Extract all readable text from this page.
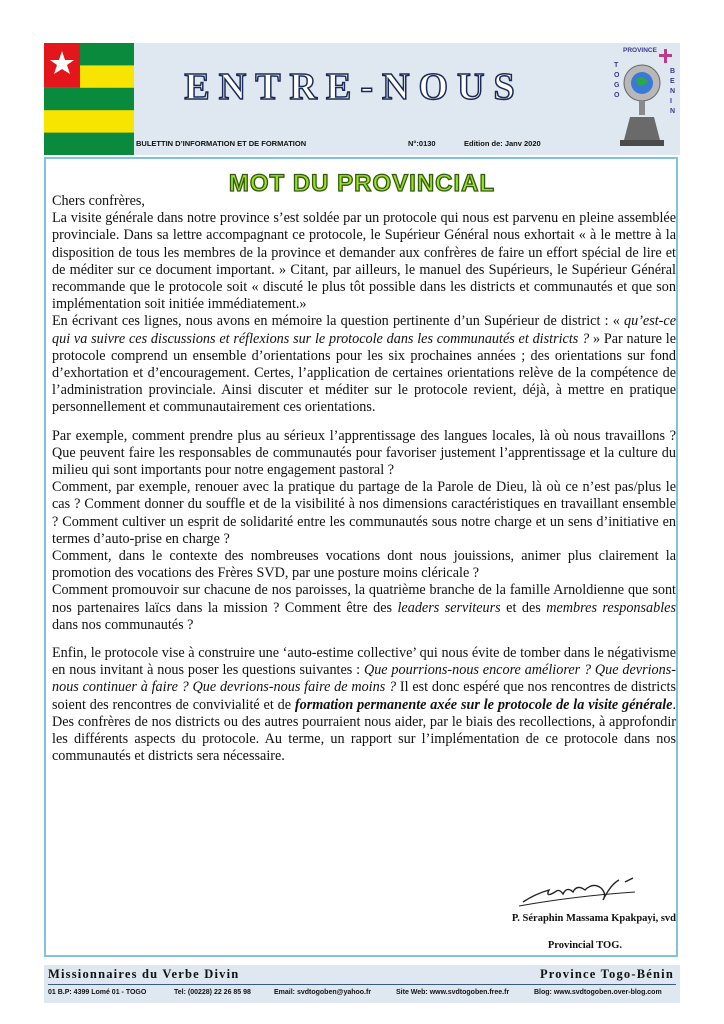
ENTRE-NOUS
BULETTIN D’INFORMATION ET DE FORMATION	N°:0130	Edition de: Janv 2020
PROVINCE
T
O
G
O
B
E
N
I
N
MOT DU PROVINCIAL

Chers confrères,

La visite générale dans notre province s’est soldée par un protocole qui nous est parvenu en pleine assemblée provinciale. Dans sa lettre accompagnant ce protocole, le Supérieur Général nous exhortait « à le mettre à la disposition de tous les membres de la province et demander aux confrères de faire un effort spécial de lire et de méditer sur ce document important. » Citant, par ailleurs, le manuel des Supérieurs, le Supérieur Général recommande que le protocole soit « discuté le plus tôt possible dans les districts et communautés et que son implémentation soit initiée immédiatement.»

En écrivant ces lignes, nous avons en mémoire la question pertinente d’un Supérieur de district : « qu’est-ce qui va suivre ces discussions et réflexions sur le protocole dans les communautés et districts ? » Par nature le protocole comprend un ensemble d’orientations pour les six prochaines années ; des orientations sur fond d’exhortation et d’encouragement. Certes, l’application de certaines orientations relève de la compétence de l’administration provinciale. Ainsi discuter et méditer sur le protocole revient, déjà, à mettre en pratique personnellement et communautairement ces orientations.

Par exemple, comment prendre plus au sérieux l’apprentissage des langues locales, là où nous travaillons ? Que peuvent faire les responsables de communautés pour favoriser justement l’apprentissage et la culture du milieu qui sont importants pour notre engagement pastoral ?

Comment, par exemple, renouer avec la pratique du partage de la Parole de Dieu, là où ce n’est pas/plus le cas ? Comment donner du souffle et de la visibilité à nos dimensions caractéristiques en travaillant ensemble ? Comment cultiver un esprit de solidarité entre les communautés sous notre charge et un sens d’initiative en termes d’auto-prise en charge ?

Comment, dans le contexte des nombreuses vocations dont nous jouissions, animer plus clairement la promotion des vocations des Frères SVD, par une posture moins cléricale ?

Comment promouvoir sur chacune de nos paroisses, la quatrième branche de la famille Arnoldienne que sont nos partenaires laïcs dans la mission ? Comment être des leaders serviteurs et des membres responsables dans nos communautés ?

Enfin, le protocole vise à construire une ‘auto-estime collective’ qui nous évite de tomber dans le négativisme en nous invitant à nous poser les questions suivantes : Que pourrions-nous encore améliorer ? Que devrions-nous continuer à faire ? Que devrions-nous faire de moins ? Il est donc espéré que nos rencontres de districts soient des rencontres de convivialité et de formation permanente axée sur le protocole de la visite générale. Des confrères de nos districts ou des autres pourraient nous aider, par le biais des recollections, à approfondir les différents aspects du protocole. Au terme, un rapport sur l’implémentation de ce protocole dans nos communautés et districts sera nécessaire.

P. Séraphin Massama Kpakpayi, svd
Provincial TOG.
Missionnaires du Verbe Divin	Province Togo-Bénin
01 B.P: 4399 Lomé 01 - TOGO	Tel: (00228) 22 26 85 98	Email: svdtogoben@yahoo.fr	Site Web: www.svdtogoben.free.fr	Blog: www.svdtogoben.over-blog.com
